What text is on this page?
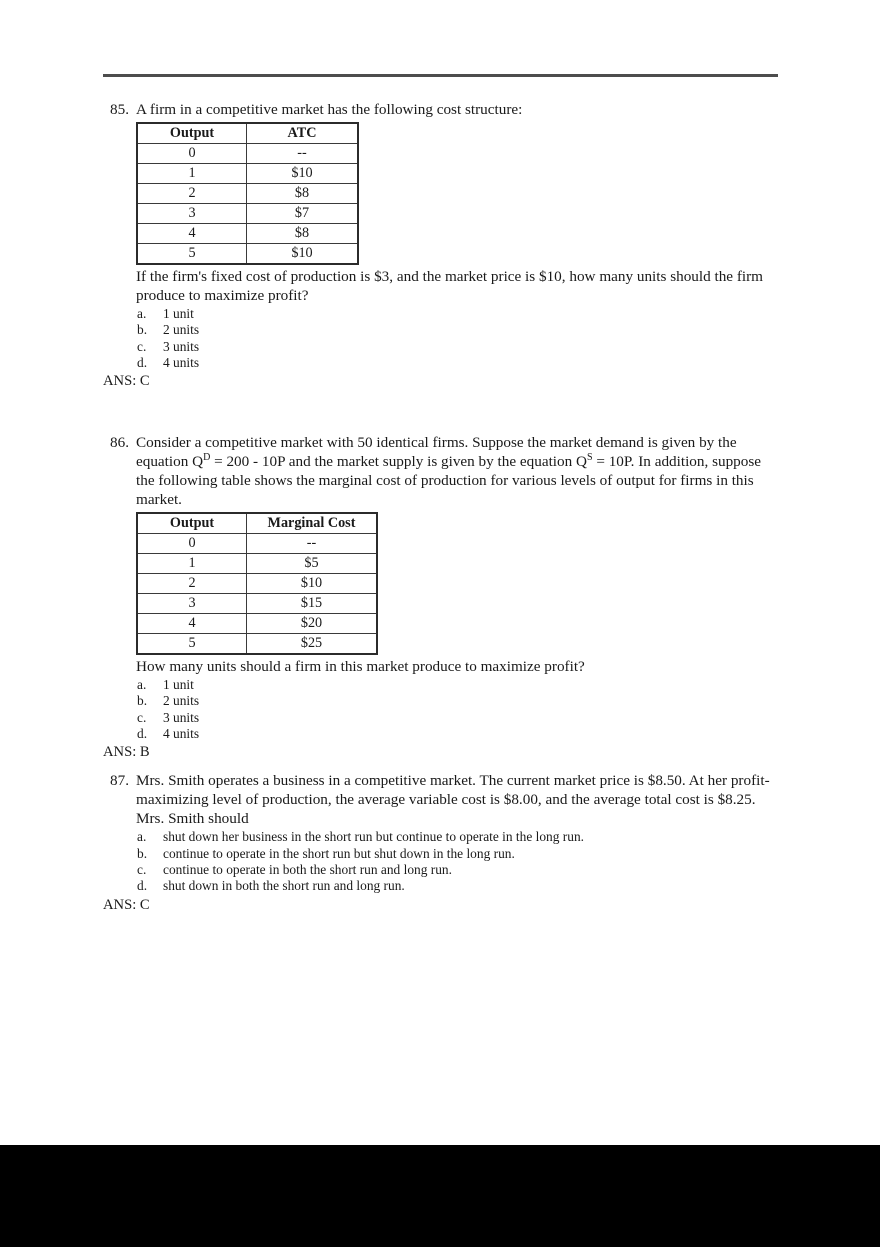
85. A firm in a competitive market has the following cost structure:
Output	ATC
0	--
1	$10
2	$8
3	$7
4	$8
5	$10
If the firm's fixed cost of production is $3, and the market price is $10, how many units should the firm produce to maximize profit?
a.	1 unit
b.	2 units
c.	3 units
d.	4 units
ANS: C
86. Consider a competitive market with 50 identical firms. Suppose the market demand is given by the equation $Q^D = 200 - 10P$ and the market supply is given by the equation $Q^S = 10P$. In addition, suppose the following table shows the marginal cost of production for various levels of output for firms in this market.
Output	Marginal Cost
0	--
1	$5
2	$10
3	$15
4	$20
5	$25
How many units should a firm in this market produce to maximize profit?
a.	1 unit
b.	2 units
c.	3 units
d.	4 units
ANS: B
87. Mrs. Smith operates a business in a competitive market. The current market price is $8.50. At her profit-maximizing level of production, the average variable cost is $8.00, and the average total cost is $8.25. Mrs. Smith should
a.	shut down her business in the short run but continue to operate in the long run.
b.	continue to operate in the short run but shut down in the long run.
c.	continue to operate in both the short run and long run.
d.	shut down in both the short run and long run.
ANS: C
